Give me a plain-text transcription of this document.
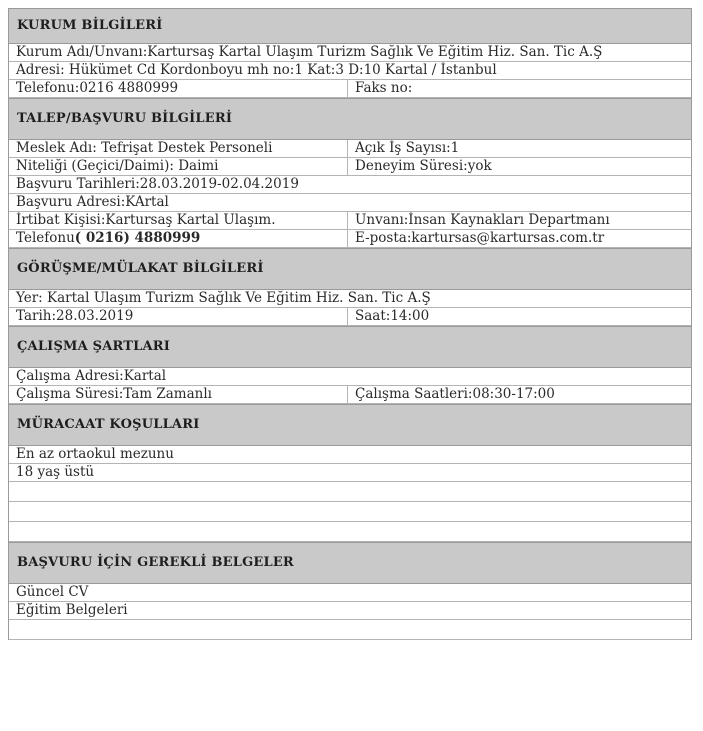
KURUM BİLGİLERİ
Kurum Adı/Unvanı:Kartursaş Kartal Ulaşım Turizm Sağlık Ve Eğitim Hiz. San. Tic A.Ş
Adresi: Hükümet Cd Kordonboyu mh no:1 Kat:3 D:10 Kartal / İstanbul
Telefonu:0216 4880999	Faks no:
TALEP/BAŞVURU BİLGİLERİ
Meslek Adı: Tefrişat Destek Personeli	Açık İş Sayısı:1
Niteliği (Geçici/Daimi): Daimi	Deneyim Süresi:yok
Başvuru Tarihleri:28.03.2019-02.04.2019
Başvuru Adresi:KArtal
İrtibat Kişisi:Kartursaş Kartal Ulaşım.	Unvanı:İnsan Kaynakları Departmanı
Telefonu( 0216) 4880999	E-posta:kartursas@kartursas.com.tr
GÖRÜŞME/MÜLAKAT BİLGİLERİ
Yer: Kartal Ulaşım Turizm Sağlık Ve Eğitim Hiz. San. Tic A.Ş
Tarih:28.03.2019	Saat:14:00
ÇALIŞMA ŞARTLARI
Çalışma Adresi:Kartal
Çalışma Süresi:Tam Zamanlı	Çalışma Saatleri:08:30-17:00
MÜRACAAT KOŞULLARI
En az ortaokul mezunu
18 yaş üstü
BAŞVURU İÇİN GEREKLİ BELGELER
Güncel CV
Eğitim Belgeleri
